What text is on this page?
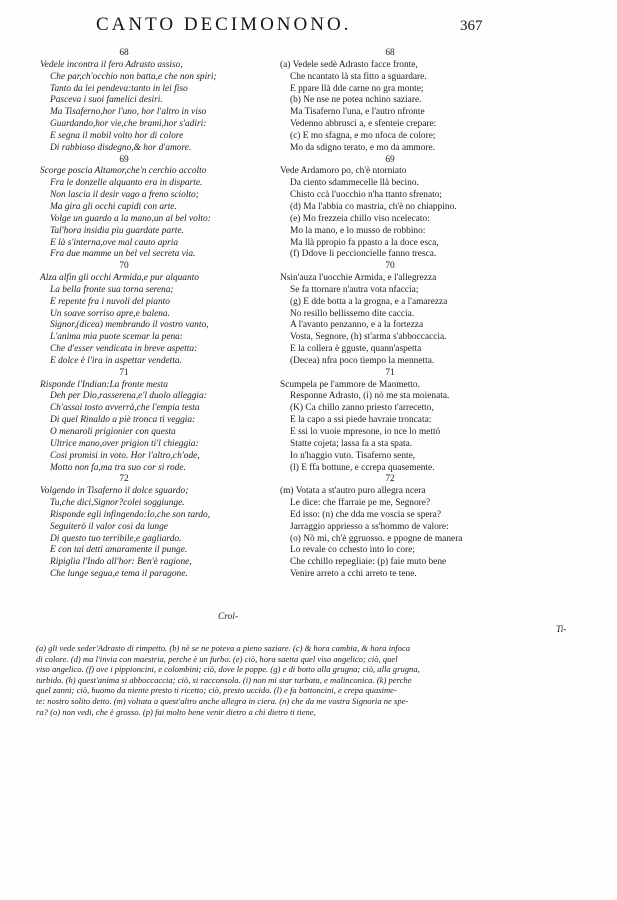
CANTO DECIMONONO.	367
68
Vedele incontra il fero Adrasto assiso,
Che par,ch'occhio non batta,e che non spiri;
Tanto da lei pendeva:tanto in lei fiso
Pasceva i suoi famelici desiri.
Ma Tisaferno,hor l'uno, hor l'altro in viso
Guardando,hor vie,che brami,hor s'adiri:
E segna il mobil volto hor di colore
Di rabbioso disdegno,& hor d'amore.
69
Scorge poscia Altamor,che'n cerchio accolto
Fra le donzelle alquanto era in disparte.
Non lascia il desir vago a freno sciolto;
Ma gira gli occhi cupidi con arte.
Volge un guardo a la mano,un al bel volto:
Tal'hora insidia piu guardate parte.
E là s'interna,ove mal cauto apria
Fra due mamme un bel vel secreta via.
70
Alza alfin gli occhi Armida,e pur alquanto
La bella fronte sua torna serena;
E repente fra i nuvoli del pianto
Un soave sorriso apre,e balena.
Signor,(dicea) membrando il vostro vanto,
L'anima mia puote scemar la pena:
Che d'esser vendicata in breve aspetta:
E dolce è l'ira in aspettar vendetta.
71
Risponde l'Indian:La fronte mesta
Deh per Dio,rasserena,e'l duolo alleggia:
Ch'assai tosto avverrà,che l'empia testa
Di quel Rinaldo a piè tronca ti veggia:
O menaroli prigionier con questa
Ultrice mano,over prigion ti'l chieggia:
Così promisi in voto. Hor l'altro,ch'ode,
Motto non fa,ma tra suo cor si rode.
72
Volgendo in Tisaferno il dolce sguardo;
Tu,che dici,Signor?colei soggiunge.
Risponde egli infingendo:Io,che son tardo,
Seguiterò il valor così da lunge
Di questo tuo terribile,e gagliardo.
E con tai detti amaramente il punge.
Ripiglia l'Indo all'hor: Ben'è ragione,
Che lunge segua,e tema il paragone.
68
(a) Vedele sedè Adrasto facce fronte,
Che ncantato là sta fitto a sguardare.
E ppare llà dde carne no gra monte;
(b) Ne nse ne potea nchino saziare.
Ma Tisaferno l'una, e l'autro nfronte
Vedenno abbrusci a, e sfenteie crepare:
(c) E mo sfagna, e mo nfoca de colore;
Mo da sdigno terato, e mo da ammore.
69
Vede Ardamoro po, ch'è ntorniato
Da ciento sdammecelle llà becino.
Chisto ccà l'uocchio n'ha ttanto sfrenato;
(d) Ma l'abbia co mastria, ch'è no chiappino.
(e) Mo frezzeia chillo viso ncelecato:
Mo la mano, e lo musso de robbino:
Ma llà ppropio fa ppasto a la doce esca,
(f) Ddove li peccioncielle fanno tresca.
70
Nsin'auza l'uocchie Armida, e l'allegrezza
Se fa ttornare n'autra vota nfaccia;
(g) E dde botta a la grogna, e a l'amarezza
No resillo bellissemo dite caccia.
A l'avanto penzanno, e a la fortezza
Vosta, Segnore, (h) st'arma s'abboccaccia.
E la collera è gguste, quann'aspetta
(Decea) nfra poco tiempo la mennetta.
71
Scumpela pe l'ammore de Maometto.
Responne Adrasto, (i) nò me sta moienata.
(K) Ca chillo zanno priesto t'arrecetto,
E la capo a ssi piede havraie troncata:
E ssi lo vuoie mpresone, io nce lo mettó
Statte cojeta; lassa fa a sta spata.
Io n'haggio vuto. Tisaferno sente,
(l) E ffa bottune, e ccrepa quasemente.
72
(m) Votata a st'autro puro allegra ncera
Le dice: che ffarraie pe me, Segnore?
Ed isso: (n) che dda me voscia se spera?
Jarraggio appriesso a ss'hommo de valore:
(o) Nò mi, ch'è ggruosso. e ppogne de manera
Lo revale co cchesto into lo core;
Che cchillo repegliaie: (p) faie muto bene
Venire arreto a cchi arreto te tene.
Crol-
Ti-
(a) gli vede seder'Adrasto di rimpetto. (b) nè se ne poteva a pieno saziare. (c) & hora cambia, & hora infoca
di colore. (d) ma l'invia con maestria, perche è un furbo. (e) ciò, hora saetta quel viso angelico; ciò, quel
viso angelico. (f) ove i pippioncini, e colombini; ciò, dove le poppe. (g) e di botto alla grugna; ciò, alla grugna,
turbido. (h) quest'anima si abboccaccia; ciò, si racconsola. (i) non mi star turbata, e malinconica. (k) perche
quel zanni; ciò, huomo da niente presto ti ricetto; ciò, presto uccido. (l) e fa bottoncini, e crepa quasime-
te: nostro solito detto. (m) voltata a quest'altro anche allegra in ciera. (n) che da me vostra Signoria ne spe-
ra? (o) non vedi, che è grosso. (p) fai molto bene venir dietro a chi dietro ti tiene,
